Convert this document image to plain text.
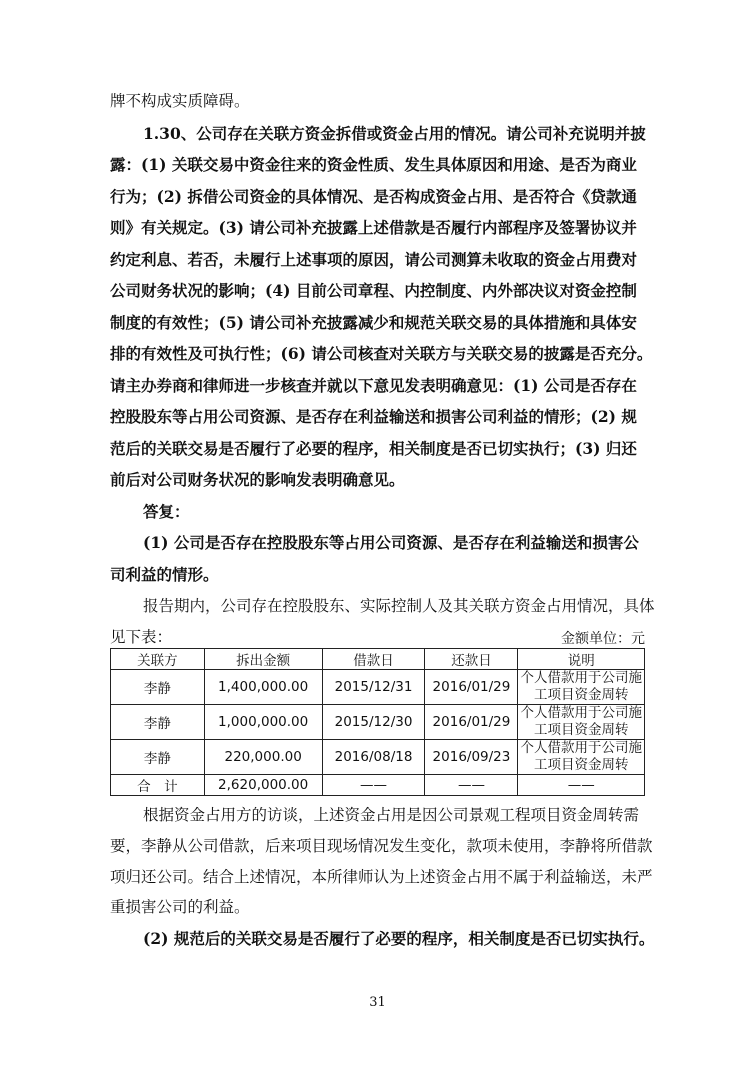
牌不构成实质障碍。
1.30、公司存在关联方资金拆借或资金占用的情况。请公司补充说明并披
露：(1) 关联交易中资金往来的资金性质、发生具体原因和用途、是否为商业
行为；(2) 拆借公司资金的具体情况、是否构成资金占用、是否符合《贷款通
则》有关规定。(3) 请公司补充披露上述借款是否履行内部程序及签署协议并
约定利息、若否，未履行上述事项的原因，请公司测算未收取的资金占用费对
公司财务状况的影响；(4) 目前公司章程、内控制度、内外部决议对资金控制
制度的有效性；(5) 请公司补充披露减少和规范关联交易的具体措施和具体安
排的有效性及可执行性；(6) 请公司核查对关联方与关联交易的披露是否充分。
请主办券商和律师进一步核查并就以下意见发表明确意见：(1) 公司是否存在
控股股东等占用公司资源、是否存在利益输送和损害公司利益的情形；(2) 规
范后的关联交易是否履行了必要的程序，相关制度是否已切实执行；(3) 归还
前后对公司财务状况的影响发表明确意见。
答复：
(1) 公司是否存在控股股东等占用公司资源、是否存在利益输送和损害公
司利益的情形。
报告期内，公司存在控股股东、实际控制人及其关联方资金占用情况，具体
见下表：	金额单位：元
关联方	拆出金额	借款日	还款日	说明
李静	1,400,000.00	2015/12/31	2016/01/29	个人借款用于公司施
工项目资金周转
李静	1,000,000.00	2015/12/30	2016/01/29	个人借款用于公司施
工项目资金周转
李静	220,000.00	2016/08/18	2016/09/23	个人借款用于公司施
工项目资金周转
合　计	2,620,000.00	——	——	——
根据资金占用方的访谈，上述资金占用是因公司景观工程项目资金周转需
要，李静从公司借款，后来项目现场情况发生变化，款项未使用，李静将所借款
项归还公司。结合上述情况，本所律师认为上述资金占用不属于利益输送，未严
重损害公司的利益。
(2) 规范后的关联交易是否履行了必要的程序，相关制度是否已切实执行。
31
